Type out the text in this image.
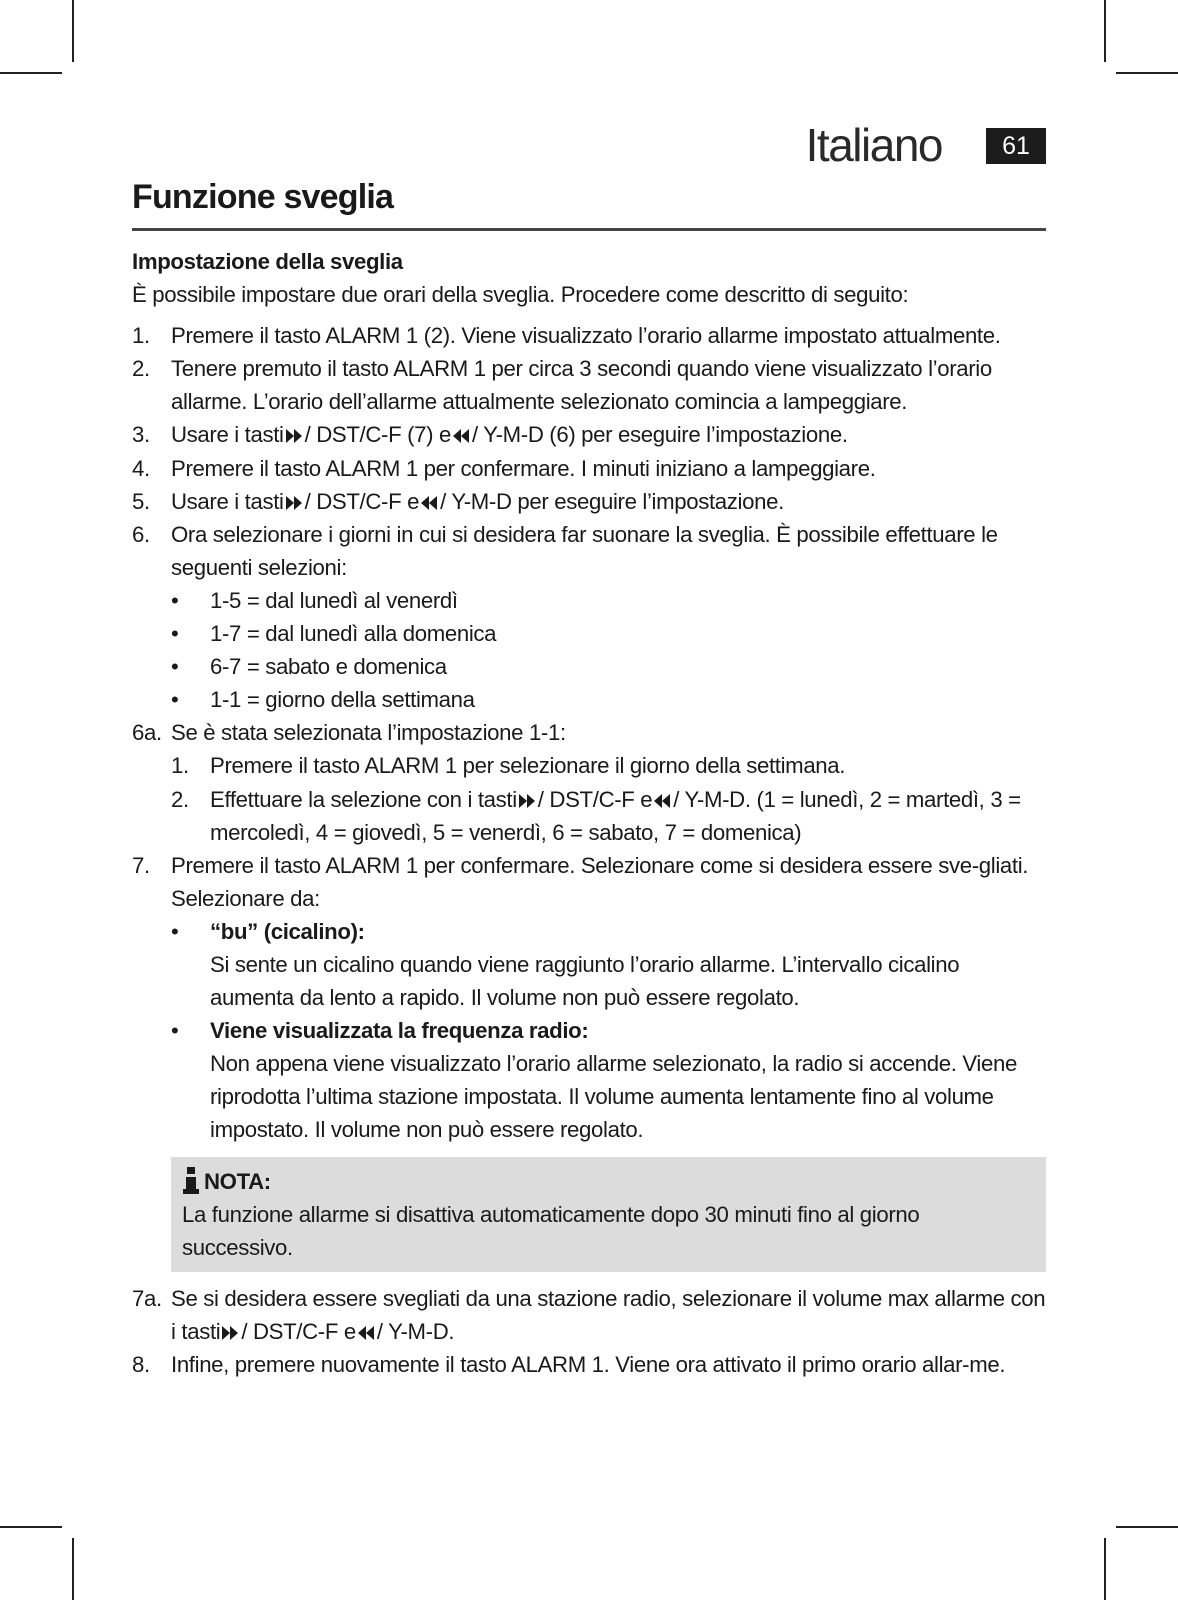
Italiano	61
Funzione sveglia
Impostazione della sveglia
È possibile impostare due orari della sveglia. Procedere come descritto di seguito:
1. Premere il tasto ALARM 1 (2). Viene visualizzato l’orario allarme impostato attualmente.
2. Tenere premuto il tasto ALARM 1 per circa 3 secondi quando viene visualizzato l’orario allarme. L’orario dell’allarme attualmente selezionato comincia a lampeggiare.
3. Usare i tasti / DST/C-F (7) e / Y-M-D (6) per eseguire l’impostazione.
4. Premere il tasto ALARM 1 per confermare. I minuti iniziano a lampeggiare.
5. Usare i tasti / DST/C-F e / Y-M-D per eseguire l’impostazione.
6. Ora selezionare i giorni in cui si desidera far suonare la sveglia. È possibile effettuare le seguenti selezioni:
• 1-5 = dal lunedì al venerdì
• 1-7 = dal lunedì alla domenica
• 6-7 = sabato e domenica
• 1-1 = giorno della settimana
6a. Se è stata selezionata l’impostazione 1-1:
1. Premere il tasto ALARM 1 per selezionare il giorno della settimana.
2. Effettuare la selezione con i tasti / DST/C-F e / Y-M-D. (1 = lunedì, 2 = martedì, 3 = mercoledì, 4 = giovedì, 5 = venerdì, 6 = sabato, 7 = domenica)
7. Premere il tasto ALARM 1 per confermare. Selezionare come si desidera essere sve-gliati. Selezionare da:
• “bu” (cicalino):
Si sente un cicalino quando viene raggiunto l’orario allarme. L’intervallo cicalino aumenta da lento a rapido. Il volume non può essere regolato.
• Viene visualizzata la frequenza radio:
Non appena viene visualizzato l’orario allarme selezionato, la radio si accende. Viene riprodotta l’ultima stazione impostata. Il volume aumenta lentamente fino al volume impostato. Il volume non può essere regolato.
NOTA:
La funzione allarme si disattiva automaticamente dopo 30 minuti fino al giorno successivo.
7a. Se si desidera essere svegliati da una stazione radio, selezionare il volume max allarme con i tasti / DST/C-F e / Y-M-D.
8. Infine, premere nuovamente il tasto ALARM 1. Viene ora attivato il primo orario allar-me.
